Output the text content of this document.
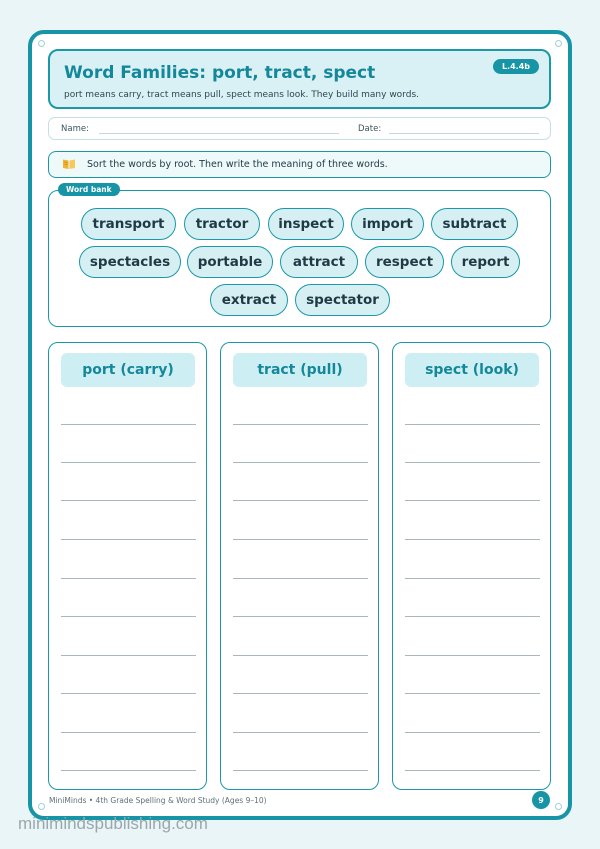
Word Families: port, tract, spect
port means carry, tract means pull, spect means look. They build many words.
L.4.4b
Name:	Date:
Sort the words by root. Then write the meaning of three words.
Word bank
transport	tractor	inspect	import	subtract
spectacles	portable	attract	respect	report
extract	spectator
port (carry)	tract (pull)	spect (look)
MiniMinds • 4th Grade Spelling & Word Study (Ages 9–10)	9
minimindspublishing.com
